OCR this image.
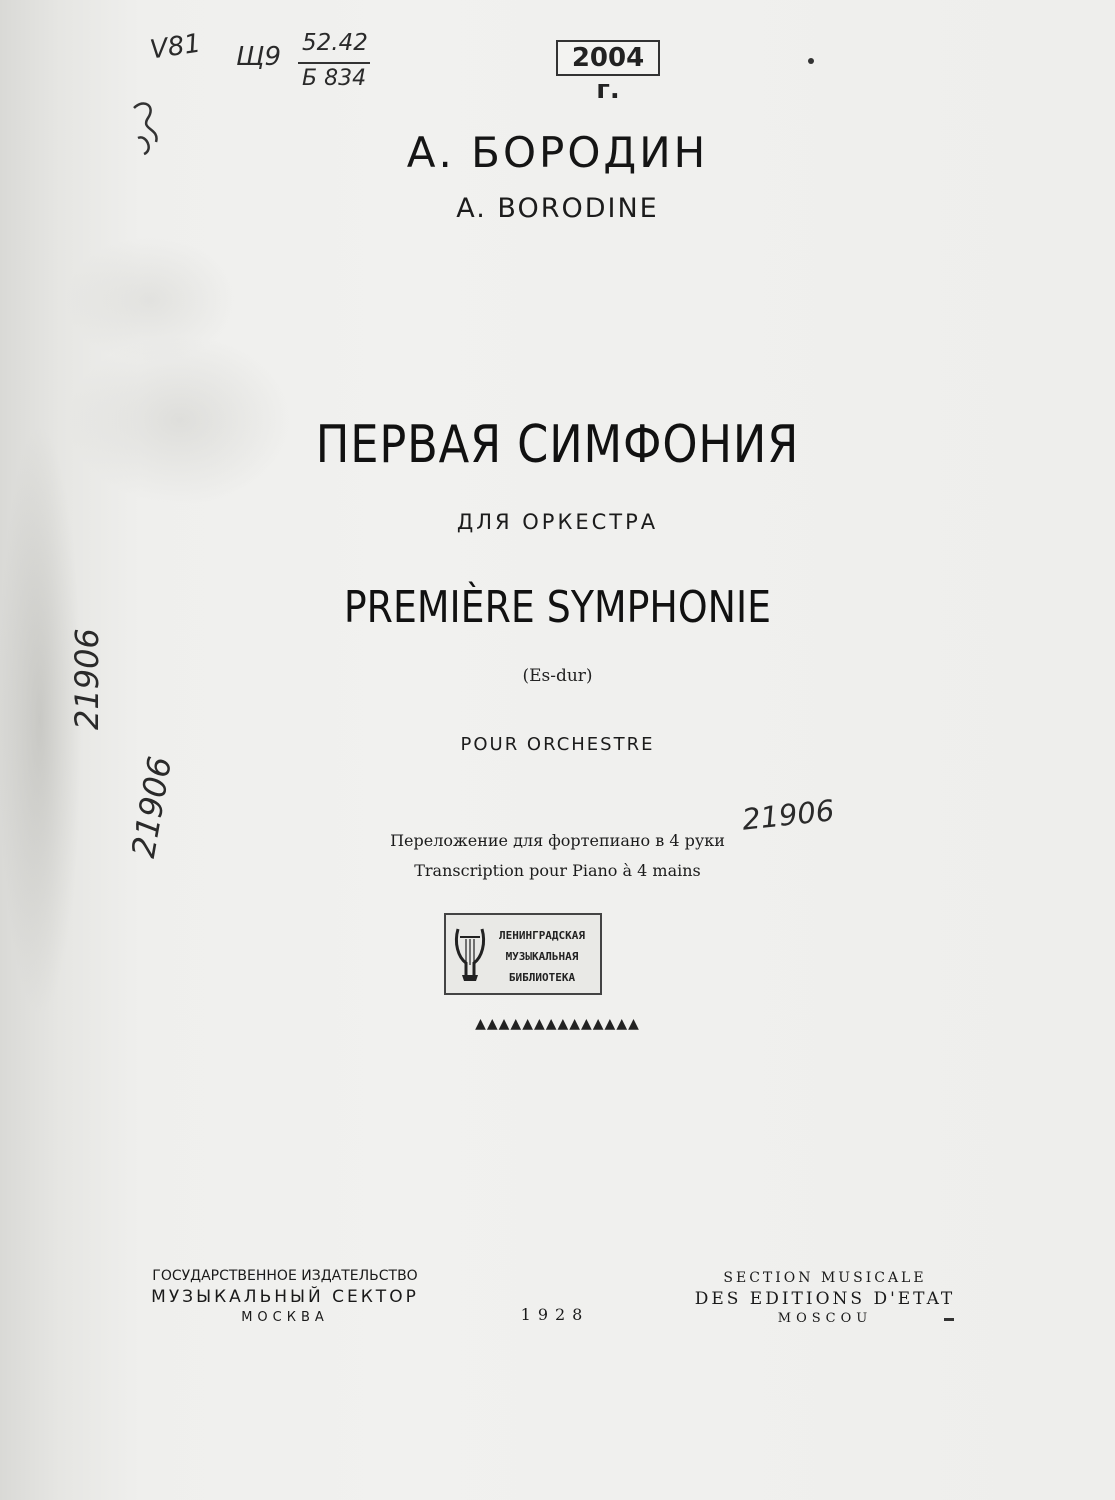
V81 Щ9 52.42
Б 834
21906
21906	21906
2004 г.
А. БОРОДИН
A. BORODINE
ПЕРВАЯ СИМФОНИЯ
ДЛЯ ОРКЕСТРА
PREMIÈRE SYMPHONIE
(Es-dur)
POUR ORCHESTRE
Переложение для фортепиано в 4 руки
Transcription pour Piano à 4 mains
ЛЕНИНГРАДСКАЯ
МУЗЫКАЛЬНАЯ
БИБЛИОТЕКА
▲▲▲▲▲▲▲▲▲▲▲▲▲▲
ГОСУДАРСТВЕННОЕ ИЗДАТЕЛЬСТВО
МУЗЫКАЛЬНЫЙ СЕКТОР
МОСКВА	1928
SECTION MUSICALE
DES EDITIONS D'ETAT
MOSCOU
